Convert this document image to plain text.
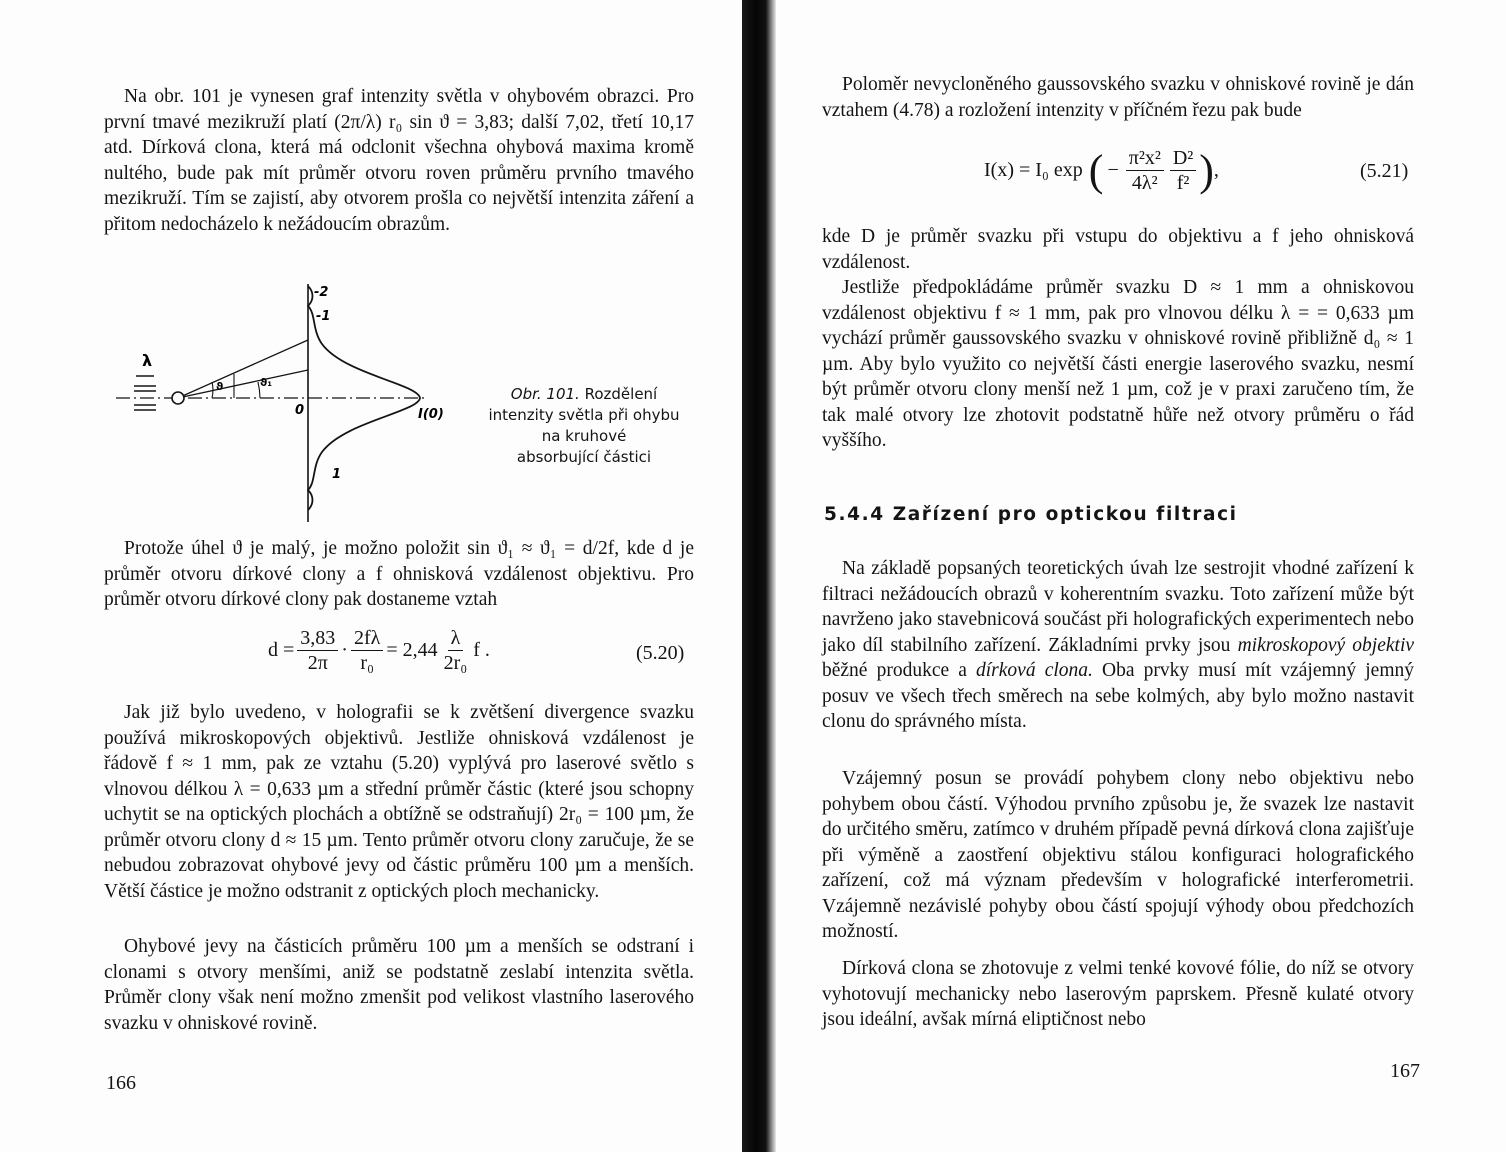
Na obr. 101 je vynesen graf intenzity světla v ohybovém obrazci. Pro první tmavé mezikruží platí (2π/λ) r₀ sin ϑ = 3,83; další 7,02, třetí 10,17 atd. Dírková clona, která má odclonit všechna ohybová maxima kromě nultého, bude pak mít průměr otvoru roven průměru prvního tmavého mezikruží. Tím se zajistí, aby otvorem prošla co největší intenzita záření a přitom nedocházelo k nežádoucím obrazům.

-2
-1
λ
0	I(0)
1
ϑ	ϑ₁
Obr. 101. Rozdělení
intenzity světla při ohybu
na kruhové
absorbující částici

Protože úhel ϑ je malý, je možno položit sin ϑ₁ ≈ ϑ₁ = d/2f, kde d je průměr otvoru dírkové clony a f ohnisková vzdálenost objektivu. Pro průměr otvoru dírkové clony pak dostaneme vztah

$d = \frac{3,83}{2\pi} \cdot \frac{2f\lambda}{\text{r₀}} = 2,44 \frac{\lambda}{\text{2r₀}}$ f .	(5.20)

Jak již bylo uvedeno, v holografii se k zvětšení divergence svazku používá mikroskopových objektivů. Jestliže ohnisková vzdálenost je řádově f ≈ 1 mm, pak ze vztahu (5.20) vyplývá pro laserové světlo s vlnovou délkou λ = 0,633 µm a střední průměr částic (které jsou schopny uchytit se na optických plochách a obtížně se odstraňují) 2r₀ = 100 µm, že průměr otvoru clony d ≈ 15 µm. Tento průměr otvoru clony zaručuje, že se nebudou zobrazovat ohybové jevy od částic průměru 100 µm a menších. Větší částice je možno odstranit z optických ploch mechanicky.

Ohybové jevy na částicích průměru 100 µm a menších se odstraní i clonami s otvory menšími, aniž se podstatně zeslabí intenzita světla. Průměr clony však není možno zmenšit pod velikost vlastního laserového svazku v ohniskové rovině.

166

Poloměr nevycloněného gaussovského svazku v ohniskové rovině je dán vztahem (4.78) a rozložení intenzity v příčném řezu pak bude

I(x) = I₀ exp ( − $\frac{\text{π²x²}}{\text{4λ²}} \frac{\text{D²}}{\text{f²}}$ ) ,	(5.21)

kde D je průměr svazku při vstupu do objektivu a f jeho ohnisková vzdálenost.

Jestliže předpokládáme průměr svazku D ≈ 1 mm a ohniskovou vzdálenost objektivu f ≈ 1 mm, pak pro vlnovou délku λ = = 0,633 µm vychází průměr gaussovského svazku v ohniskové rovině přibližně d₀ ≈ 1 µm. Aby bylo využito co největší části energie laserového svazku, nesmí být průměr otvoru clony menší než 1 µm, což je v praxi zaručeno tím, že tak malé otvory lze zhotovit podstatně hůře než otvory průměru o řád vyššího.

5.4.4 Zařízení pro optickou filtraci

Na základě popsaných teoretických úvah lze sestrojit vhodné zařízení k filtraci nežádoucích obrazů v koherentním svazku. Toto zařízení může být navrženo jako stavebnicová součást při holografických experimentech nebo jako díl stabilního zařízení. Základními prvky jsou mikroskopový objektiv běžné produkce a dírková clona. Oba prvky musí mít vzájemný jemný posuv ve všech třech směrech na sebe kolmých, aby bylo možno nastavit clonu do správného místa.

Vzájemný posun se provádí pohybem clony nebo objektivu nebo pohybem obou částí. Výhodou prvního způsobu je, že svazek lze nastavit do určitého směru, zatímco v druhém případě pevná dírková clona zajišťuje při výměně a zaostření objektivu stálou konfiguraci holografického zařízení, což má význam především v holografické interferometrii. Vzájemně nezávislé pohyby obou částí spojují výhody obou předchozích možností.

Dírková clona se zhotovuje z velmi tenké kovové fólie, do níž se otvory vyhotovují mechanicky nebo laserovým paprskem. Přesně kulaté otvory jsou ideální, avšak mírná eliptičnost nebo

167
